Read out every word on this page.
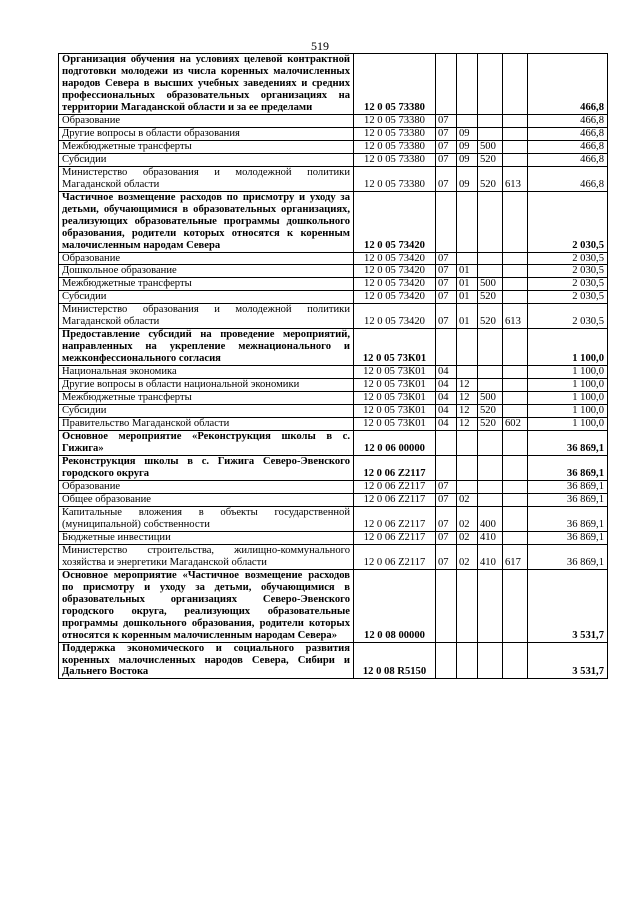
519
Организация обучения на условиях целевой контрактной подготовки молодежи из числа коренных малочисленных народов Севера в высших учебных заведениях и средних профессиональных образовательных организациях на территории Магаданской области и за ее пределами	12 0 05 73380					466,8
Образование	12 0 05 73380	07				466,8
Другие вопросы в области образования	12 0 05 73380	07	09			466,8
Межбюджетные трансферты	12 0 05 73380	07	09	500		466,8
Субсидии	12 0 05 73380	07	09	520		466,8
Министерство образования и молодежной политики Магаданской области	12 0 05 73380	07	09	520	613	466,8
Частичное возмещение расходов по присмотру и уходу за детьми, обучающимися в образовательных организациях, реализующих образовательные программы дошкольного образования, родители которых относятся к коренным малочисленным народам Севера	12 0 05 73420					2 030,5
Образование	12 0 05 73420	07				2 030,5
Дошкольное образование	12 0 05 73420	07	01			2 030,5
Межбюджетные трансферты	12 0 05 73420	07	01	500		2 030,5
Субсидии	12 0 05 73420	07	01	520		2 030,5
Министерство образования и молодежной политики Магаданской области	12 0 05 73420	07	01	520	613	2 030,5
Предоставление субсидий на проведение мероприятий, направленных на укрепление межнационального и межконфессионального согласия	12 0 05 73К01					1 100,0
Национальная экономика	12 0 05 73К01	04				1 100,0
Другие вопросы в области национальной экономики	12 0 05 73К01	04	12			1 100,0
Межбюджетные трансферты	12 0 05 73К01	04	12	500		1 100,0
Субсидии	12 0 05 73К01	04	12	520		1 100,0
Правительство Магаданской области	12 0 05 73К01	04	12	520	602	1 100,0
Основное мероприятие «Реконструкция школы в с. Гижига»	12 0 06 00000					36 869,1
Реконструкция школы в с. Гижига Северо-Эвенского городского округа	12 0 06 Z2117					36 869,1
Образование	12 0 06 Z2117	07				36 869,1
Общее образование	12 0 06 Z2117	07	02			36 869,1
Капитальные вложения в объекты государственной (муниципальной) собственности	12 0 06 Z2117	07	02	400		36 869,1
Бюджетные инвестиции	12 0 06 Z2117	07	02	410		36 869,1
Министерство строительства, жилищно-коммунального хозяйства и энергетики Магаданской области	12 0 06 Z2117	07	02	410	617	36 869,1
Основное мероприятие «Частичное возмещение расходов по присмотру и уходу за детьми, обучающимися в образовательных организациях Северо-Эвенского городского округа, реализующих образовательные программы дошкольного образования, родители которых относятся к коренным малочисленным народам Севера»	12 0 08 00000					3 531,7
Поддержка экономического и социального развития коренных малочисленных народов Севера, Сибири и Дальнего Востока	12 0 08 R5150					3 531,7
